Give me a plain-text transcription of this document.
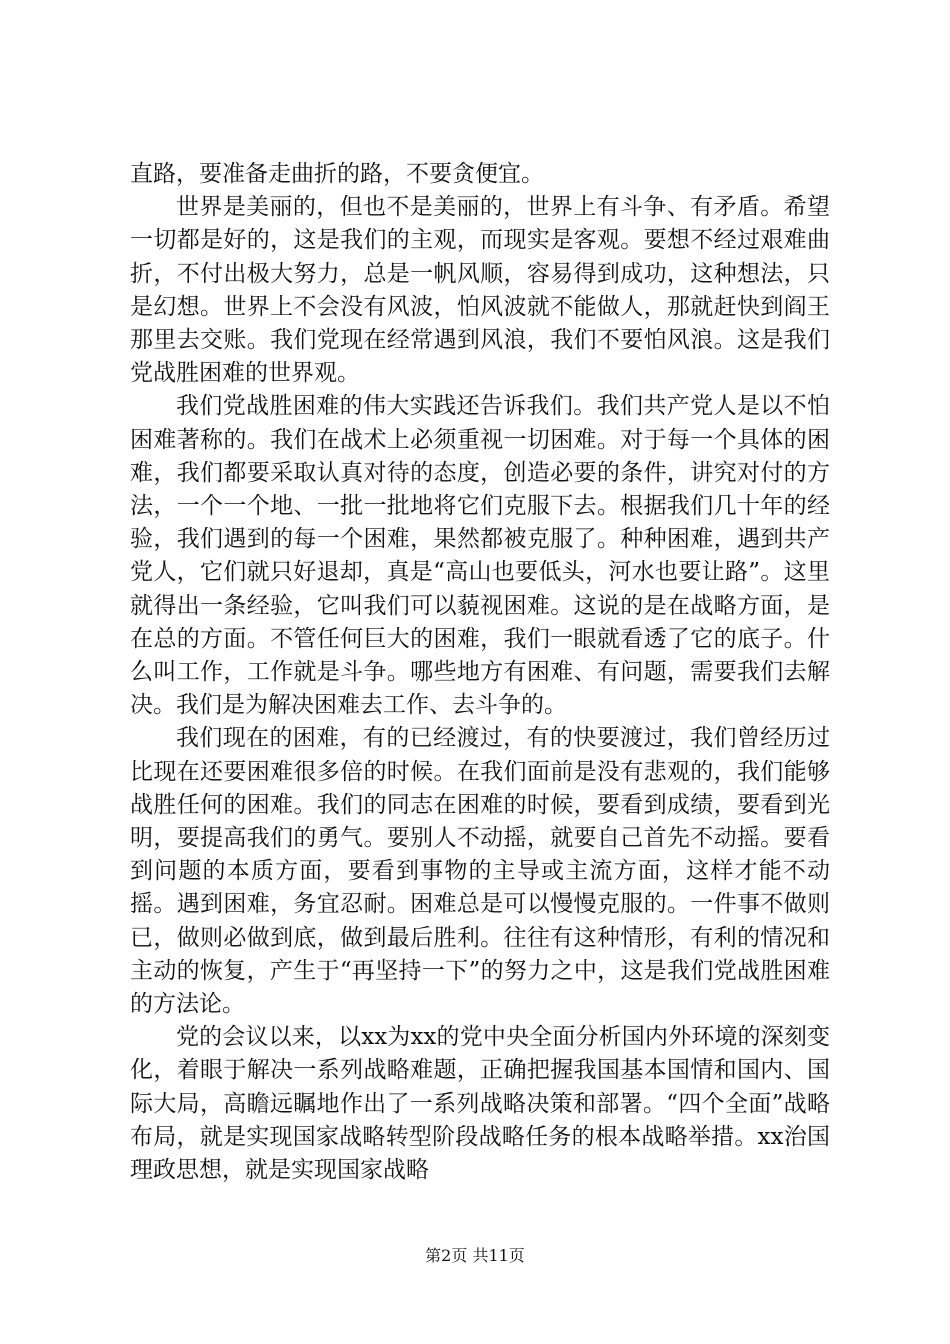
直路，要准备走曲折的路，不要贪便宜。

世界是美丽的，但也不是美丽的，世界上有斗争、有矛盾。希望一切都是好的，这是我们的主观，而现实是客观。要想不经过艰难曲折，不付出极大努力，总是一帆风顺，容易得到成功，这种想法，只是幻想。世界上不会没有风波，怕风波就不能做人，那就赶快到阎王那里去交账。我们党现在经常遇到风浪，我们不要怕风浪。这是我们党战胜困难的世界观。

我们党战胜困难的伟大实践还告诉我们。我们共产党人是以不怕困难著称的。我们在战术上必须重视一切困难。对于每一个具体的困难，我们都要采取认真对待的态度，创造必要的条件，讲究对付的方法，一个一个地、一批一批地将它们克服下去。根据我们几十年的经验，我们遇到的每一个困难，果然都被克服了。种种困难，遇到共产党人，它们就只好退却，真是“高山也要低头，河水也要让路”。这里就得出一条经验，它叫我们可以藐视困难。这说的是在战略方面，是在总的方面。不管任何巨大的困难，我们一眼就看透了它的底子。什么叫工作，工作就是斗争。哪些地方有困难、有问题，需要我们去解决。我们是为解决困难去工作、去斗争的。

我们现在的困难，有的已经渡过，有的快要渡过，我们曾经历过比现在还要困难很多倍的时候。在我们面前是没有悲观的，我们能够战胜任何的困难。我们的同志在困难的时候，要看到成绩，要看到光明，要提高我们的勇气。要别人不动摇，就要自己首先不动摇。要看到问题的本质方面，要看到事物的主导或主流方面，这样才能不动摇。遇到困难，务宜忍耐。困难总是可以慢慢克服的。一件事不做则已，做则必做到底，做到最后胜利。往往有这种情形，有利的情况和主动的恢复，产生于“再坚持一下”的努力之中，这是我们党战胜困难的方法论。

党的会议以来，以xx为xx的党中央全面分析国内外环境的深刻变化，着眼于解决一系列战略难题，正确把握我国基本国情和国内、国际大局，高瞻远瞩地作出了一系列战略决策和部署。“四个全面”战略布局，就是实现国家战略转型阶段战略任务的根本战略举措。xx治国理政思想，就是实现国家战略

第2页 共11页
